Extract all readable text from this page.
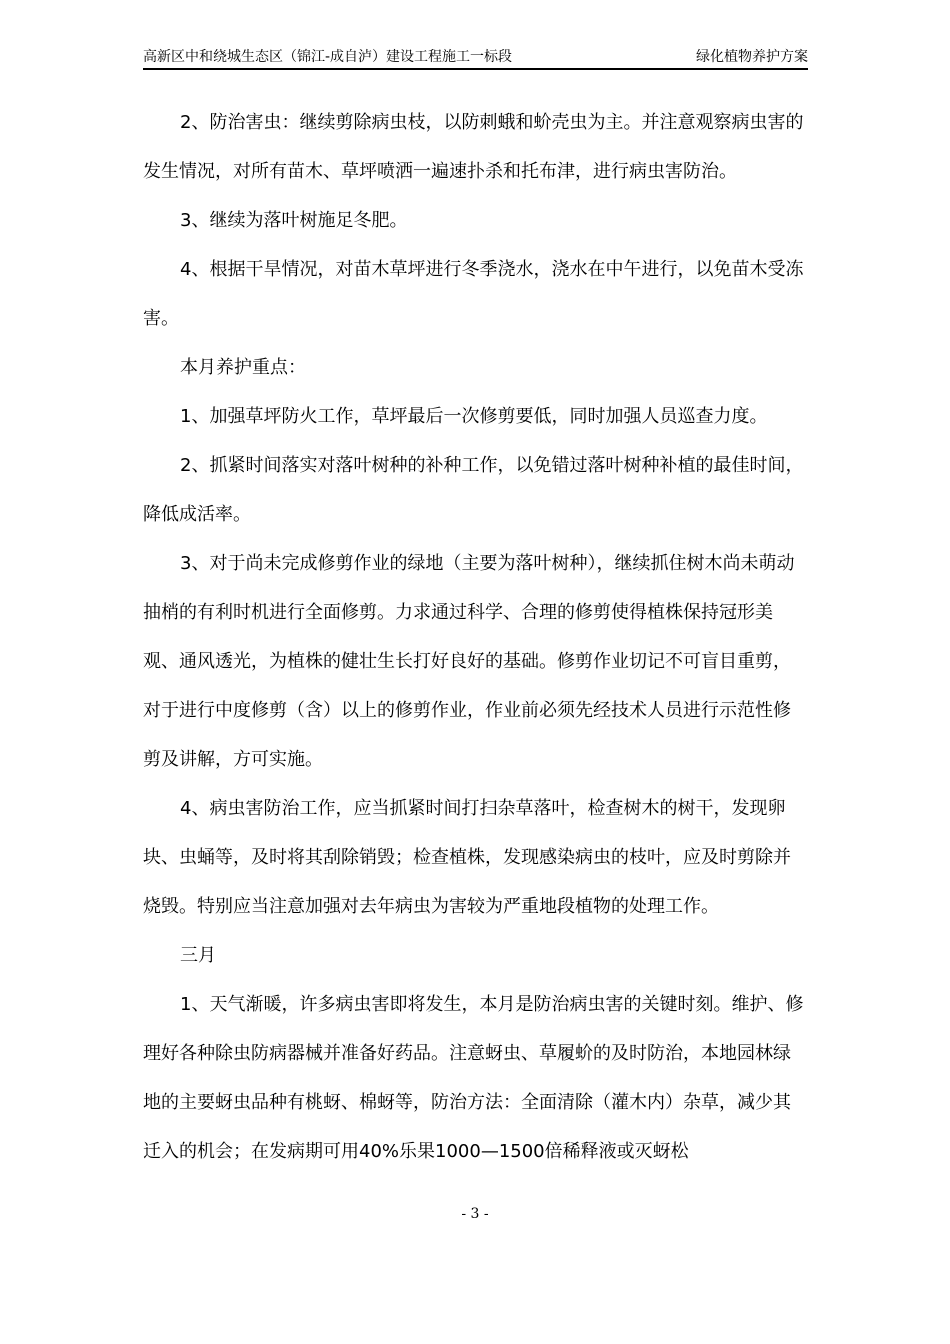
高新区中和绕城生态区（锦江-成自泸）建设工程施工一标段	绿化植物养护方案

2、防治害虫：继续剪除病虫枝，以防刺蛾和蚧壳虫为主。并注意观察病虫害的发生情况，对所有苗木、草坪喷洒一遍速扑杀和托布津，进行病虫害防治。

3、继续为落叶树施足冬肥。

4、根据干旱情况，对苗木草坪进行冬季浇水，浇水在中午进行，以免苗木受冻害。

本月养护重点：

1、加强草坪防火工作，草坪最后一次修剪要低，同时加强人员巡查力度。

2、抓紧时间落实对落叶树种的补种工作，以免错过落叶树种补植的最佳时间，降低成活率。

3、对于尚未完成修剪作业的绿地（主要为落叶树种），继续抓住树木尚未萌动抽梢的有利时机进行全面修剪。力求通过科学、合理的修剪使得植株保持冠形美观、通风透光，为植株的健壮生长打好良好的基础。修剪作业切记不可盲目重剪，对于进行中度修剪（含）以上的修剪作业，作业前必须先经技术人员进行示范性修剪及讲解，方可实施。

4、病虫害防治工作，应当抓紧时间打扫杂草落叶，检查树木的树干，发现卵块、虫蛹等，及时将其刮除销毁；检查植株，发现感染病虫的枝叶，应及时剪除并烧毁。特别应当注意加强对去年病虫为害较为严重地段植物的处理工作。

三月

1、天气渐暖，许多病虫害即将发生，本月是防治病虫害的关键时刻。维护、修理好各种除虫防病器械并准备好药品。注意蚜虫、草履蚧的及时防治，本地园林绿地的主要蚜虫品种有桃蚜、棉蚜等，防治方法：全面清除（灌木内）杂草，减少其迁入的机会；在发病期可用40%乐果1000—1500倍稀释液或灭蚜松

- 3 -
